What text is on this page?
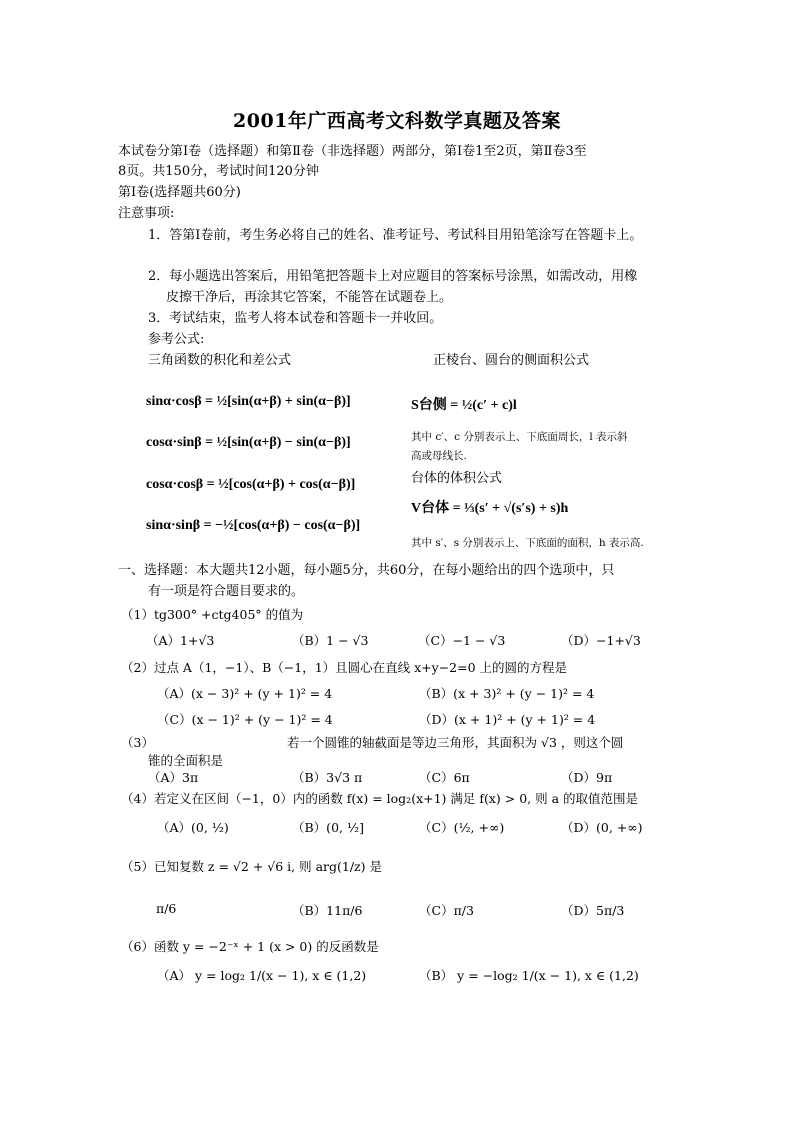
2001年广西高考文科数学真题及答案
本试卷分第Ⅰ卷（选择题）和第Ⅱ卷（非选择题）两部分，第Ⅰ卷1至2页，第Ⅱ卷3至
8页。共150分，考试时间120分钟
第Ⅰ卷(选择题共60分)
注意事项:
1．答第Ⅰ卷前，考生务必将自己的姓名、准考证号、考试科目用铅笔涂写在答题卡上。
2．每小题选出答案后，用铅笔把答题卡上对应题目的答案标号涂黑，如需改动，用橡
皮擦干净后，再涂其它答案，不能答在试题卷上。
3．考试结束，监考人将本试卷和答题卡一并收回。
参考公式:
三角函数的积化和差公式	正棱台、圆台的侧面积公式
sinα·cosβ = ½[sin(α+β) + sin(α−β)]
cosα·sinβ = ½[sin(α+β) − sin(α−β)]
cosα·cosβ = ½[cos(α+β) + cos(α−β)]
sinα·sinβ = −½[cos(α+β) − cos(α−β)]
S台侧 = ½(c′ + c)l
其中 c′、c 分别表示上、下底面周长，l 表示斜
高或母线长.
台体的体积公式
V台体 = ⅓(s′ + √(s′s) + s)h
其中 s′、s 分别表示上、下底面的面积，h 表示高.
一、选择题：本大题共12小题，每小题5分，共60分，在每小题给出的四个选项中，只
有一项是符合题目要求的。
（1）tg300° +ctg405° 的值为
（A）1+√3	（B）1 − √3	（C）−1 − √3	（D）−1+√3
（2）过点 A（1，−1）、B（−1，1）且圆心在直线 x+y−2=0 上的圆的方程是
（A）(x − 3)² + (y + 1)² = 4	（B）(x + 3)² + (y − 1)² = 4
（C）(x − 1)² + (y − 1)² = 4	（D）(x + 1)² + (y + 1)² = 4
（3）	若一个圆锥的轴截面是等边三角形，其面积为 √3 ，则这个圆
锥的全面积是
（A）3π	（B）3√3 π	（C）6π	（D）9π
（4）若定义在区间（−1，0）内的函数 f(x) = log₂(x+1) 满足 f(x) > 0, 则 a 的取值范围是
（A）(0, ½)	（B）(0, ½]	（C）(½, +∞)	（D）(0, +∞)
（5）已知复数 z = √2 + √6 i, 则 arg(1/z) 是
π/6	（B）11π/6	（C）π/3	（D）5π/3
（6）函数 y = −2⁻ˣ + 1 (x > 0) 的反函数是
（A） y = log₂ 1/(x − 1), x ∈ (1,2)	（B） y = −log₂ 1/(x − 1), x ∈ (1,2)
